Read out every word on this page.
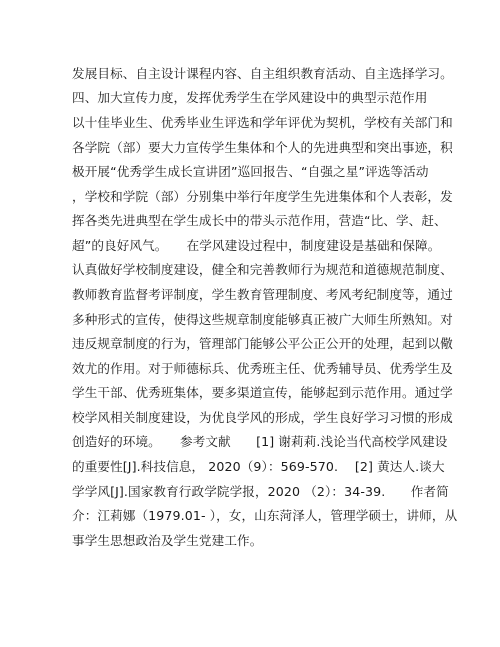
发展目标、自主设计课程内容、自主组织教育活动、自主选择学习。
四、加大宣传力度，发挥优秀学生在学风建设中的典型示范作用
以十佳毕业生、优秀毕业生评选和学年评优为契机，学校有关部门和
各学院（部）要大力宣传学生集体和个人的先进典型和突出事迹，积
极开展“优秀学生成长宣讲团”巡回报告、“自强之星”评选等活动
，学校和学院（部）分别集中举行年度学生先进集体和个人表彰，发
挥各类先进典型在学生成长中的带头示范作用，营造“比、学、赶、
超”的良好风气。　　在学风建设过程中，制度建设是基础和保障。
认真做好学校制度建设，健全和完善教师行为规范和道德规范制度、
教师教育监督考评制度，学生教育管理制度、考风考纪制度等，通过
多种形式的宣传，使得这些规章制度能够真正被广大师生所熟知。对
违反规章制度的行为，管理部门能够公平公正公开的处理，起到以儆
效尤的作用。对于师德标兵、优秀班主任、优秀辅导员、优秀学生及
学生干部、优秀班集体，要多渠道宣传，能够起到示范作用。通过学
校学风相关制度建设，为优良学风的形成，学生良好学习习惯的形成
创造好的环境。　　参考文献　　[1] 谢莉莉.浅论当代高校学风建设
的重要性[J].科技信息， 2020（9）：569-570.　 [2] 黄达人.谈大
学学风[J].国家教育行政学院学报，2020 （2）：34-39.　　作者简
介：江莉娜（1979.01- ），女，山东菏泽人，管理学硕士，讲师，从
事学生思想政治及学生党建工作。
